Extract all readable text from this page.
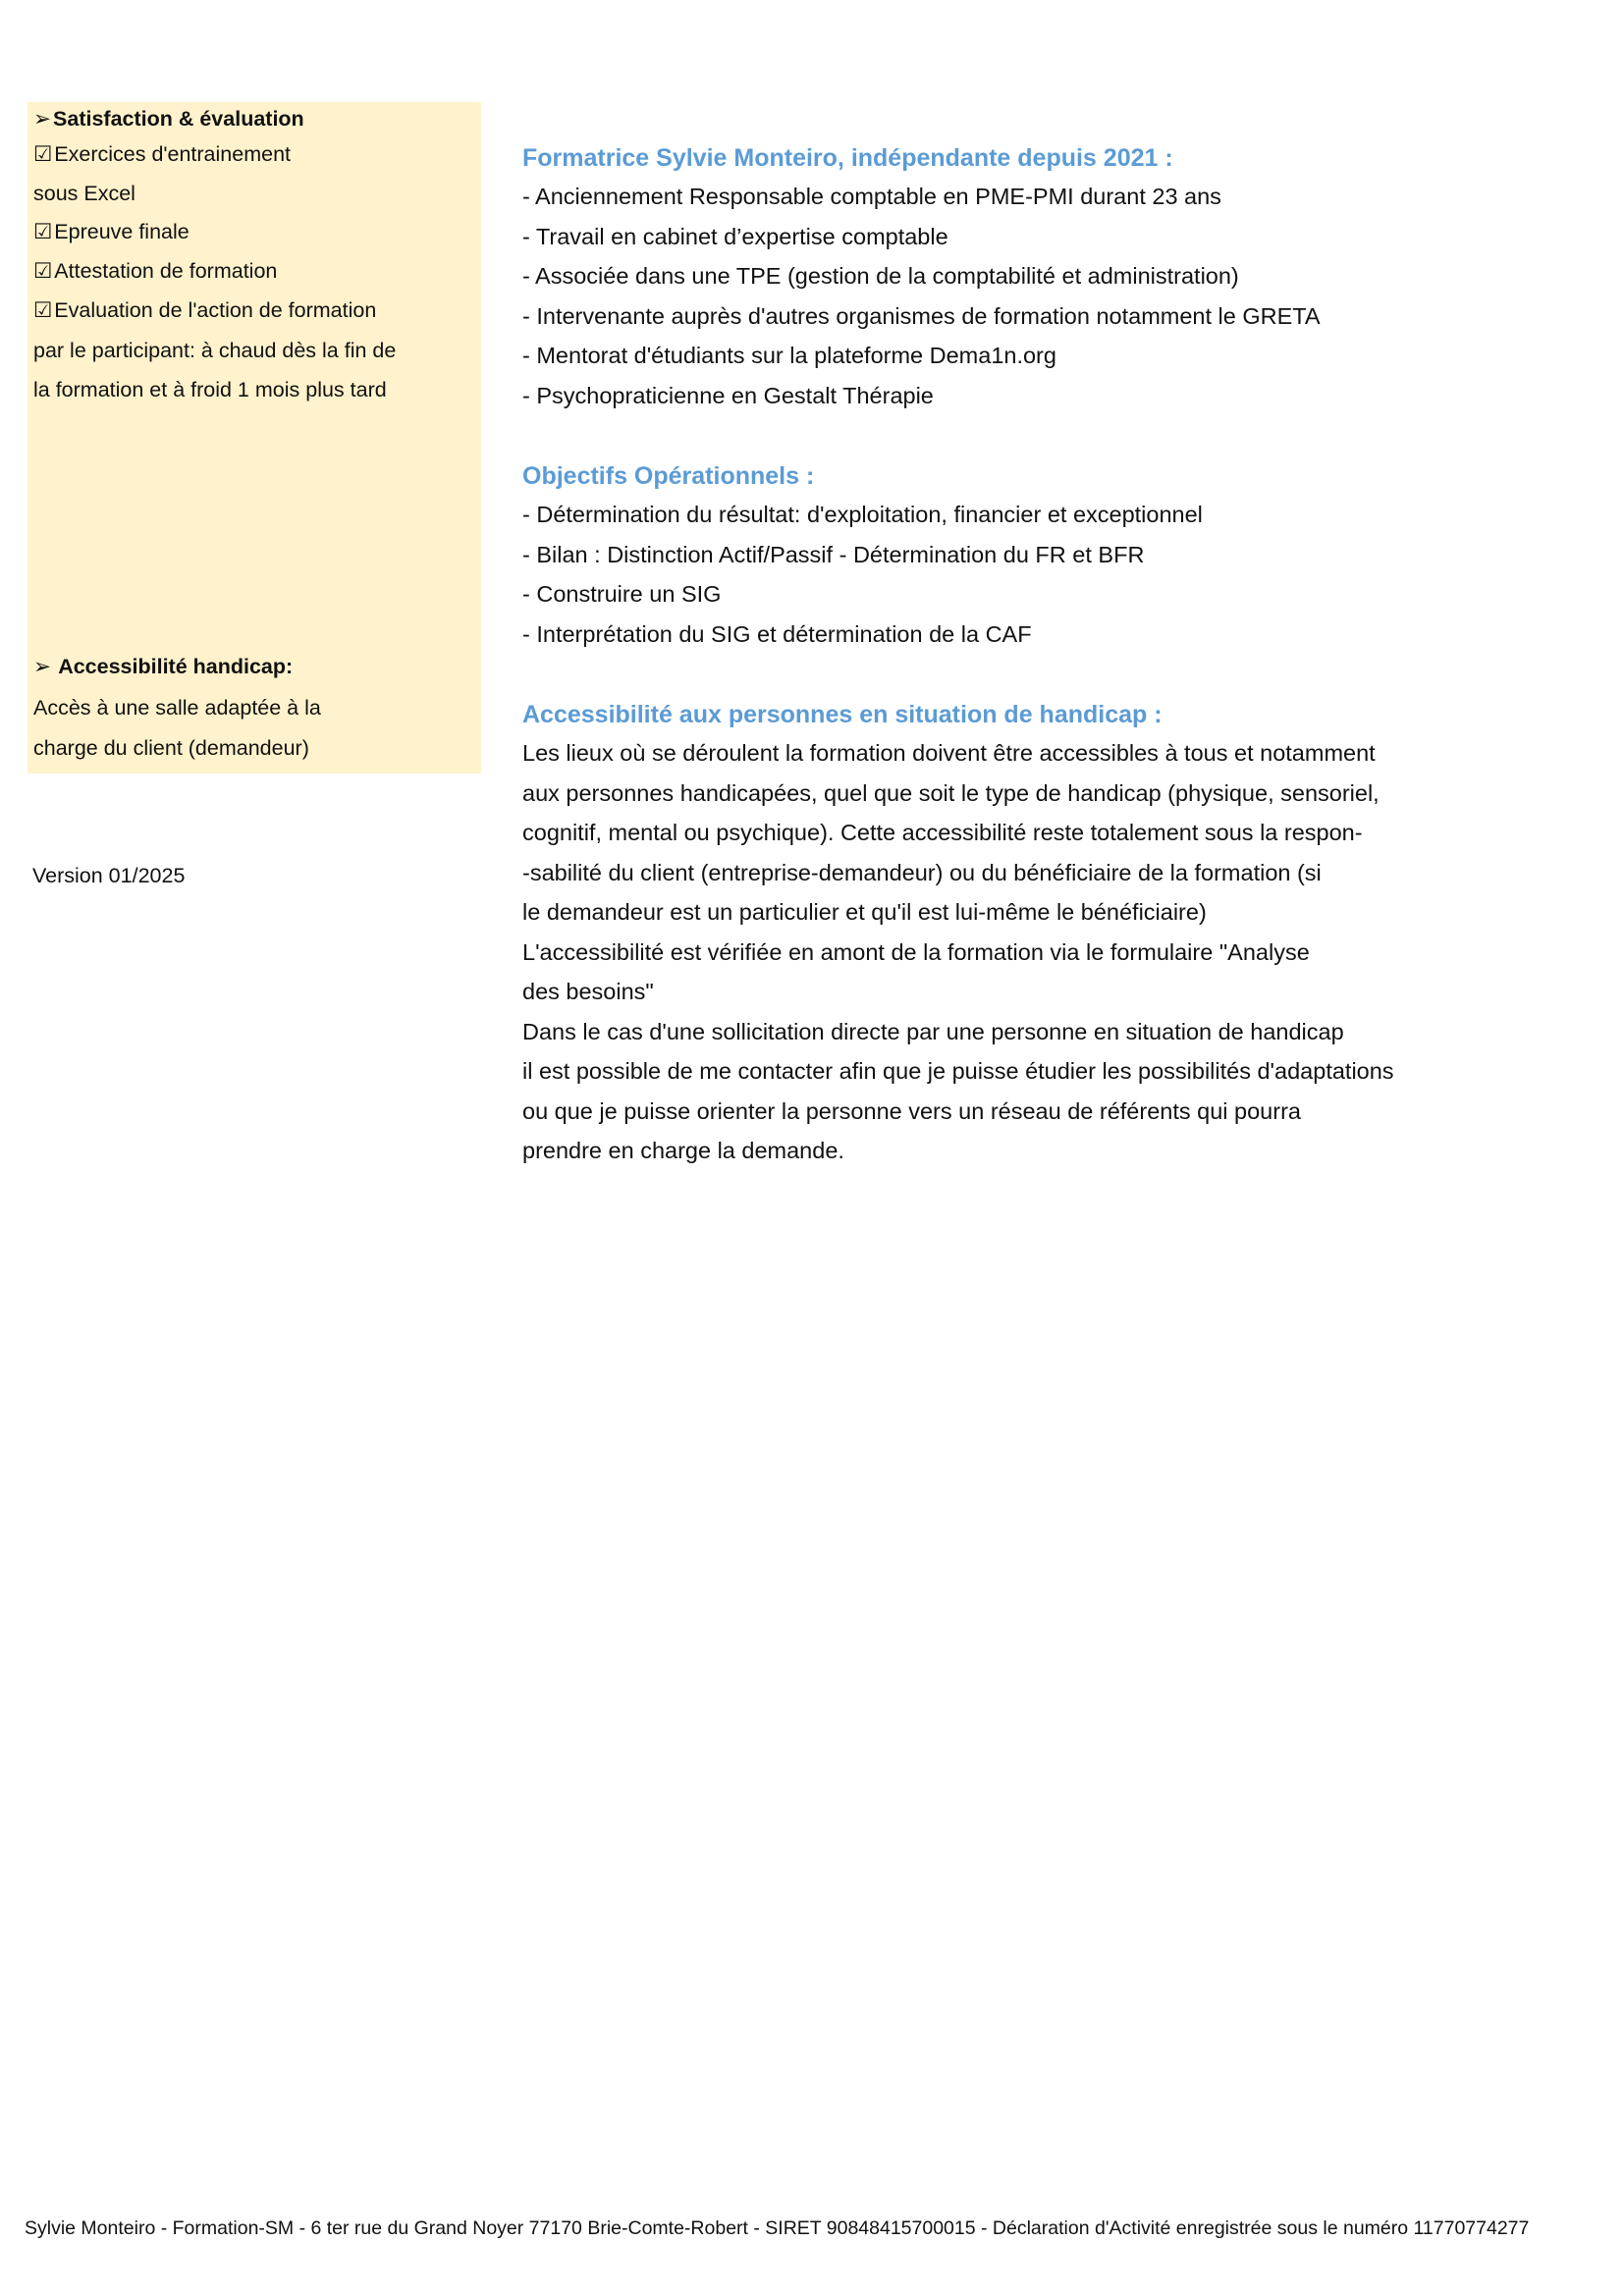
➢Satisfaction & évaluation
☑Exercices d'entrainement
sous Excel
☑Epreuve finale
☑Attestation de formation
☑Evaluation de l'action de formation
par le participant: à chaud dès la fin de
la formation et à froid 1 mois plus tard
➢ Accessibilité handicap:
Accès à une salle adaptée à la
charge du client (demandeur)
Version 01/2025
Formatrice Sylvie Monteiro, indépendante depuis 2021 :
- Anciennement Responsable comptable en PME-PMI durant 23 ans
- Travail en cabinet d’expertise comptable
- Associée dans une TPE (gestion de la comptabilité et administration)
- Intervenante auprès d'autres organismes de formation notamment le GRETA
- Mentorat d'étudiants sur la plateforme Dema1n.org
- Psychopraticienne en Gestalt Thérapie
Objectifs Opérationnels :
- Détermination du résultat: d'exploitation, financier et exceptionnel
- Bilan : Distinction Actif/Passif - Détermination du FR et BFR
- Construire un SIG
- Interprétation du SIG et détermination de la CAF
Accessibilité aux personnes en situation de handicap :
Les lieux où se déroulent la formation doivent être accessibles à tous et notamment
aux personnes handicapées, quel que soit le type de handicap (physique, sensoriel,
cognitif, mental ou psychique). Cette accessibilité reste totalement sous la respon-
-sabilité du client (entreprise-demandeur) ou du bénéficiaire de la formation (si
le demandeur est un particulier et qu'il est lui-même le bénéficiaire)
L'accessibilité est vérifiée en amont de la formation via le formulaire "Analyse
des besoins"
Dans le cas d'une sollicitation directe par une personne en situation de handicap
il est possible de me contacter afin que je puisse étudier les possibilités d'adaptations
ou que je puisse orienter la personne vers un réseau de référents qui pourra
prendre en charge la demande.
Sylvie Monteiro - Formation-SM - 6 ter rue du Grand Noyer 77170 Brie-Comte-Robert - SIRET 90848415700015 - Déclaration d'Activité enregistrée sous le numéro 11770774277
